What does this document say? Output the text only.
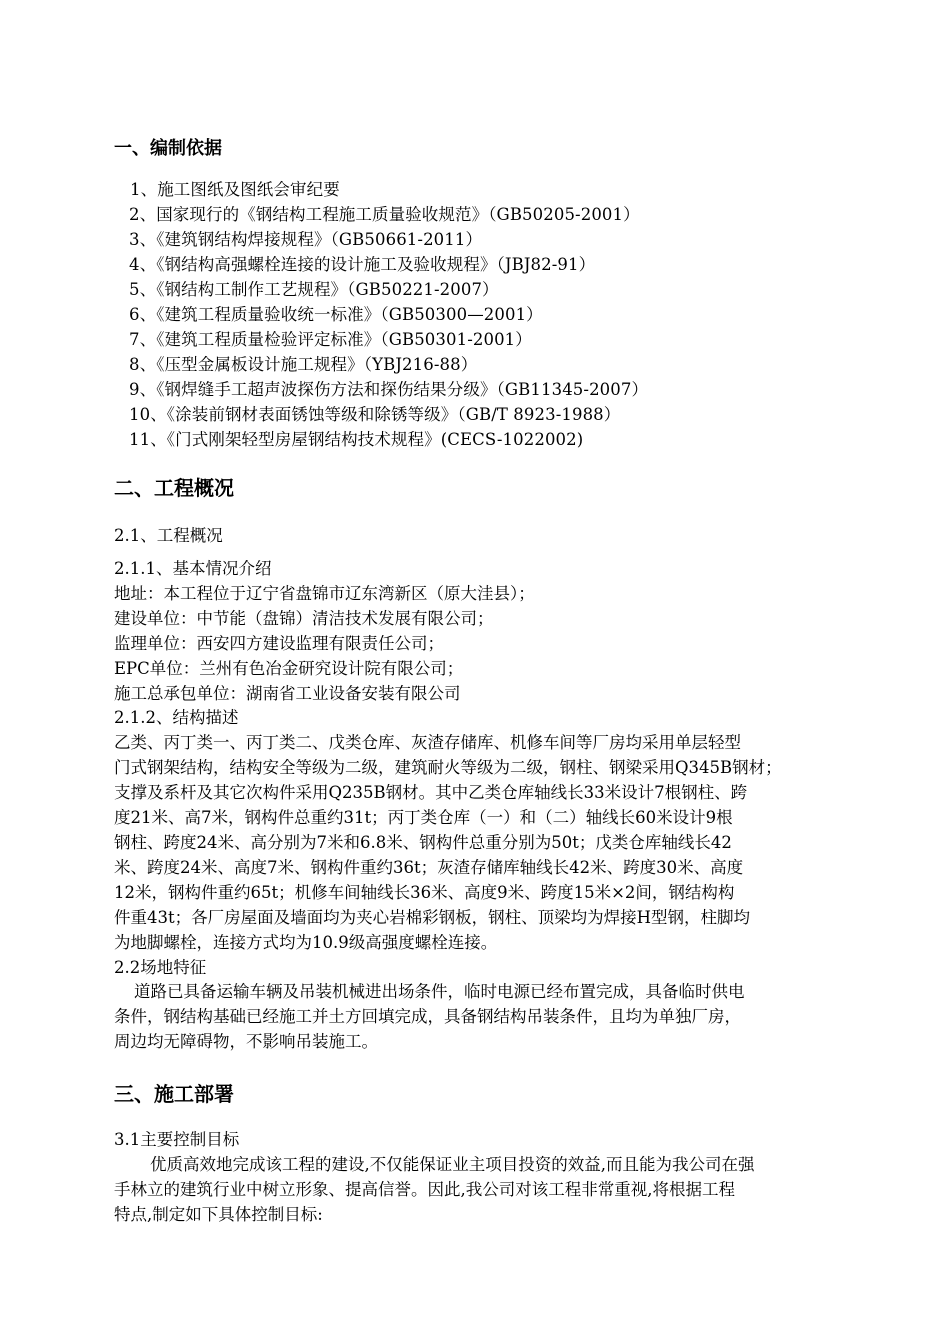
一、编制依据
1、施工图纸及图纸会审纪要
2、国家现行的《钢结构工程施工质量验收规范》（GB50205-2001）
3、《建筑钢结构焊接规程》（GB50661-2011）
4、《钢结构高强螺栓连接的设计施工及验收规程》（JBJ82-91）
5、《钢结构工制作工艺规程》（GB50221-2007）
6、《建筑工程质量验收统一标准》（GB50300—2001）
7、《建筑工程质量检验评定标准》（GB50301-2001）
8、《压型金属板设计施工规程》（YBJ216-88）
9、《钢焊缝手工超声波探伤方法和探伤结果分级》（GB11345-2007）
10、《涂装前钢材表面锈蚀等级和除锈等级》（GB/T 8923-1988）
11、《门式刚架轻型房屋钢结构技术规程》(CECS-1022002)
二、工程概况
2.1、工程概况

2.1.1、基本情况介绍

地址：本工程位于辽宁省盘锦市辽东湾新区（原大洼县）；

建设单位：中节能（盘锦）清洁技术发展有限公司；

监理单位：西安四方建设监理有限责任公司；

EPC单位：兰州有色冶金研究设计院有限公司；

施工总承包单位：湖南省工业设备安装有限公司

2.1.2、结构描述

乙类、丙丁类一、丙丁类二、戊类仓库、灰渣存储库、机修车间等厂房均采用单层轻型

门式钢架结构，结构安全等级为二级，建筑耐火等级为二级，钢柱、钢梁采用Q345B钢材；

支撑及系杆及其它次构件采用Q235B钢材。其中乙类仓库轴线长33米设计7根钢柱、跨

度21米、高7米，钢构件总重约31t；丙丁类仓库（一）和（二）轴线长60米设计9根

钢柱、跨度24米、高分别为7米和6.8米、钢构件总重分别为50t；戊类仓库轴线长42

米、跨度24米、高度7米、钢构件重约36t；灰渣存储库轴线长42米、跨度30米、高度

12米，钢构件重约65t；机修车间轴线长36米、高度9米、跨度15米×2间，钢结构构

件重43t；各厂房屋面及墙面均为夹心岩棉彩钢板，钢柱、顶梁均为焊接H型钢，柱脚均

为地脚螺栓，连接方式均为10.9级高强度螺栓连接。

2.2场地特征

道路已具备运输车辆及吊装机械进出场条件，临时电源已经布置完成，具备临时供电

条件，钢结构基础已经施工并土方回填完成，具备钢结构吊装条件，且均为单独厂房，

周边均无障碍物，不影响吊装施工。

三、施工部署

3.1主要控制目标

优质高效地完成该工程的建设,不仅能保证业主项目投资的效益,而且能为我公司在强

手林立的建筑行业中树立形象、提高信誉。因此,我公司对该工程非常重视,将根据工程

特点,制定如下具体控制目标:
